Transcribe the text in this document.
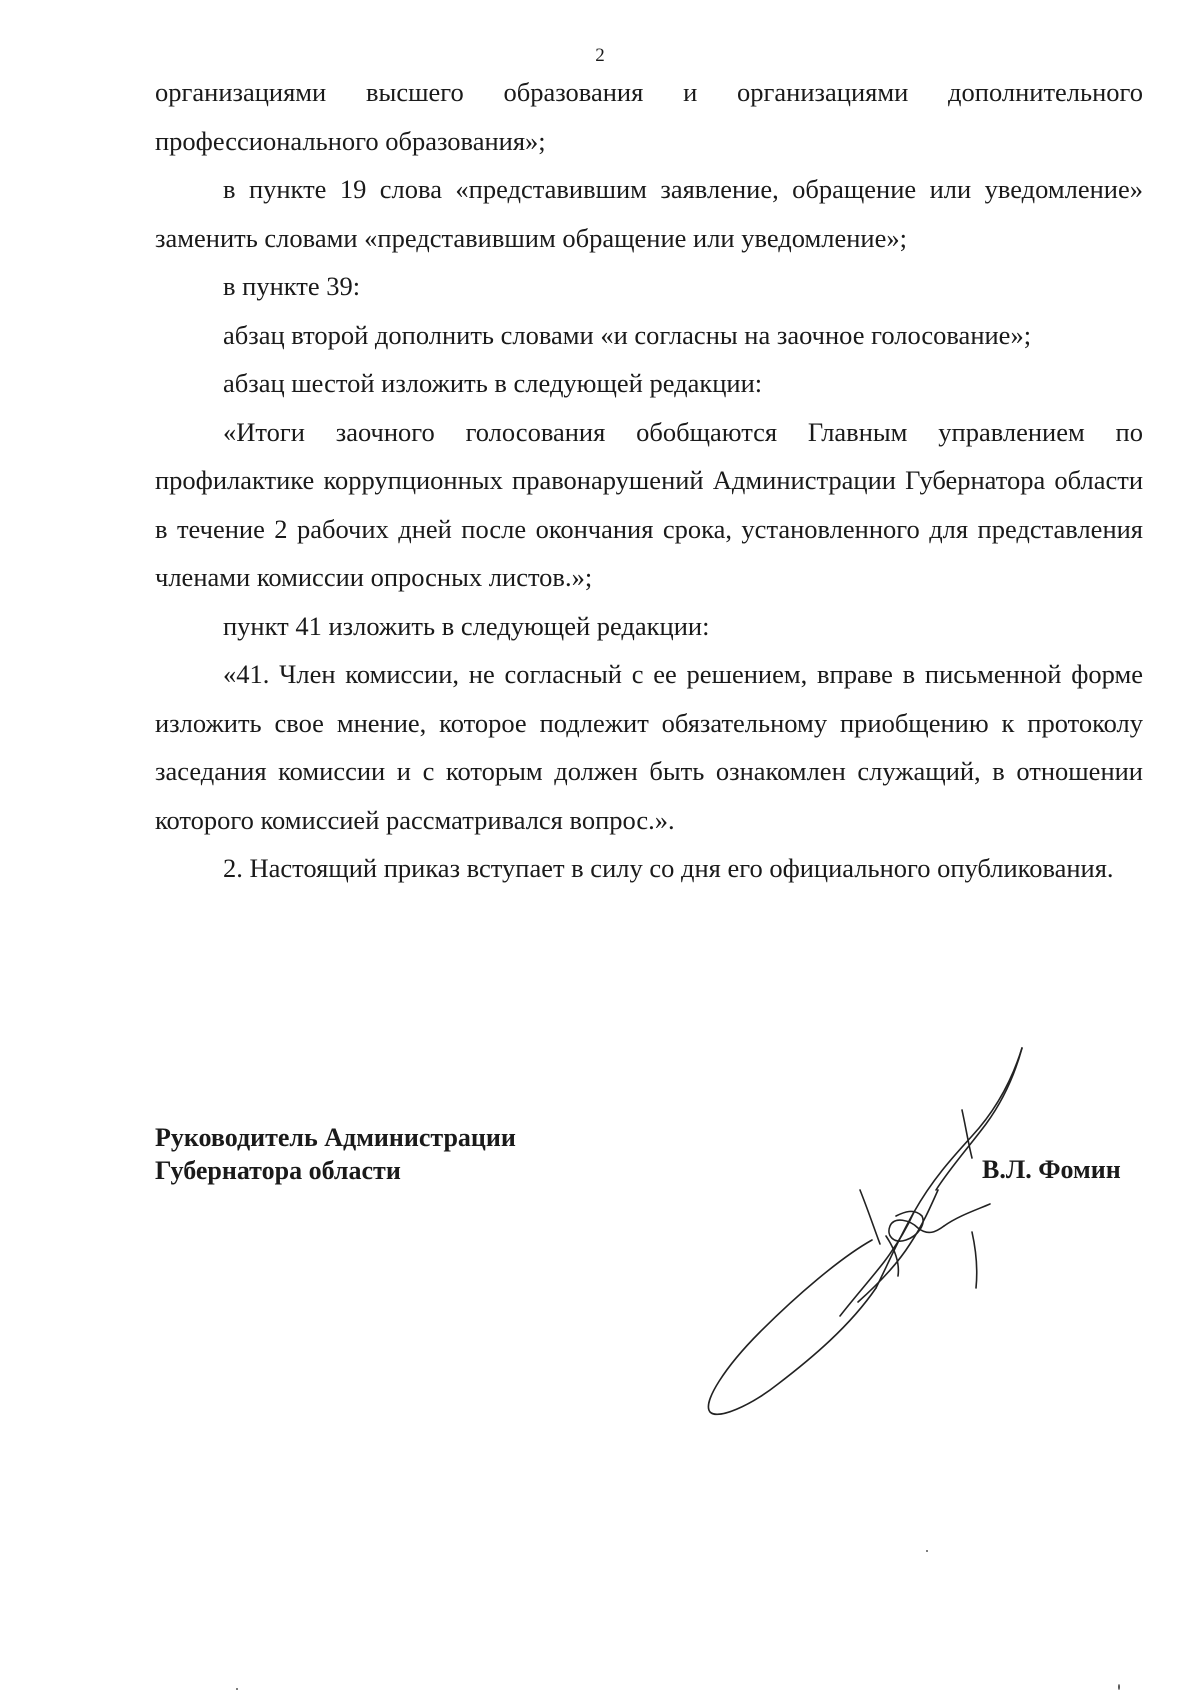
2

организациями высшего образования и организациями дополнительного профессионального образования»;

в пункте 19 слова «представившим заявление, обращение или уведомление» заменить словами «представившим обращение или уведомление»;

в пункте 39:

абзац второй дополнить словами «и согласны на заочное голосование»;

абзац шестой изложить в следующей редакции:

«Итоги заочного голосования обобщаются Главным управлением по профилактике коррупционных правонарушений Администрации Губернатора области в течение 2 рабочих дней после окончания срока, установленного для представления членами комиссии опросных листов.»;

пункт 41 изложить в следующей редакции:

«41. Член комиссии, не согласный с ее решением, вправе в письменной форме изложить свое мнение, которое подлежит обязательному приобщению к протоколу заседания комиссии и с которым должен быть ознакомлен служащий, в отношении которого комиссией рассматривался вопрос.».

2. Настоящий приказ вступает в силу со дня его официального опубликования.

Руководитель Администрации
Губернатора области	В.Л. Фомин
